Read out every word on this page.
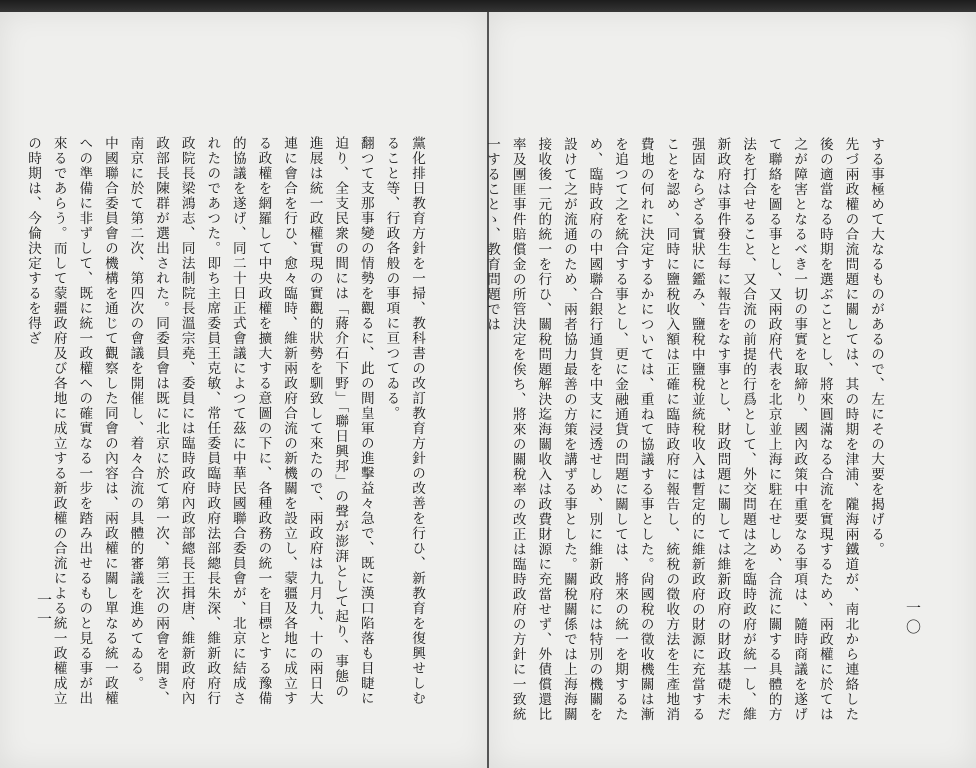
一一	黨化排日教育方針を一掃、教科書の改訂教育方針の改善を行ひ、新教育を復興せしむること等、行政各般の事項に亘つてゐる。

翻つて支那事變の情勢を觀るに、此の間皇軍の進擊益々急で、既に漢口陷落も目睫に迫り、全支民衆の間には「蔣介石下野」「聯日興邦」の聲が澎湃として起り、事態の進展は統一政權實現の實觀的狀勢を馴致して來たので、兩政府は九月九、十の兩日大連に會合を行ひ、愈々臨時、維新兩政府合流の新機關を設立し、蒙疆及各地に成立する政權を網羅して中央政權を擴大する意圖の下に、各種政務の統一を目標とする豫備的協議を遂げ、同二十日正式會議によつて茲に中華民國聯合委員會が、北京に結成されたのであつた。即ち主席委員王克敏、常任委員臨時政府法部總長朱深、維新政府行政院長梁鴻志、同法制院長溫宗堯、委員には臨時政府內政部總長王揖唐、維新政府內政部長陳群が選出された。同委員會は既に北京に於て第一次、第三次の兩會を開き、南京に於て第二次、第四次の會議を開催し、着々合流の具體的審議を進めてゐる。

中國聯合委員會の機構を通じて觀察した同會の內容は、兩政權に關し單なる統一政權への準備に非ずして、既に統一政權への確實なる一步を踏み出せるものと見る事が出來るであらう。而して蒙疆政府及び各地に成立する新政權の合流による統一政權成立の時期は、今倫決定するを得ざ

一〇

する事極めて大なるものがあるので、左にその大要を揭げる。

先づ兩政權の合流問題に關しては、其の時期を津浦、隴海兩鐵道が、南北から連絡した後の適當なる時期を選ぶこととし、將來圓滿なる合流を實現するため、兩政權に於ては之が障害となるべき一切の事實を取締り、國內政策中重要なる事項は、隨時商議を遂げて聯絡を圖る事とし、又兩政府代表を北京並上海に駐在せしめ、合流に關する具體的方法を打合せること、又合流の前提的行爲として、外交問題は之を臨時政府が統一し、維新政府は事件發生每に報告をなす事とし、財政問題に關しては維新政府の財政基礎未だ强固ならざる實狀に鑑み、鹽稅中鹽稅並統稅收入は暫定的に維新政府の財源に充當することを認め、同時に鹽稅收入額は正確に臨時政府に報告し、統稅の徵收方法を生產地消費地の何れに決定するかについては、重ねて協議する事とした。尙國稅の徵收機關は漸を追つて之を統合する事とし、更に金融通貨の問題に關しては、將來の統一を期するため、臨時政府の中國聯合銀行通貨を中支に浸透せしめ、別に維新政府には特別の機關を設けて之が流通のため、兩者協力最善の方策を講ずる事とした。關稅關係では上海海關接收後一元的統一を行ひ、關稅問題解決迄海關收入は政費財源に充當せず、外債償還比率及團匪事件賠償金の所管決定を俟ち、將來の關稅率の改正は臨時政府の方針に一致統一することゝ、教育問題では
